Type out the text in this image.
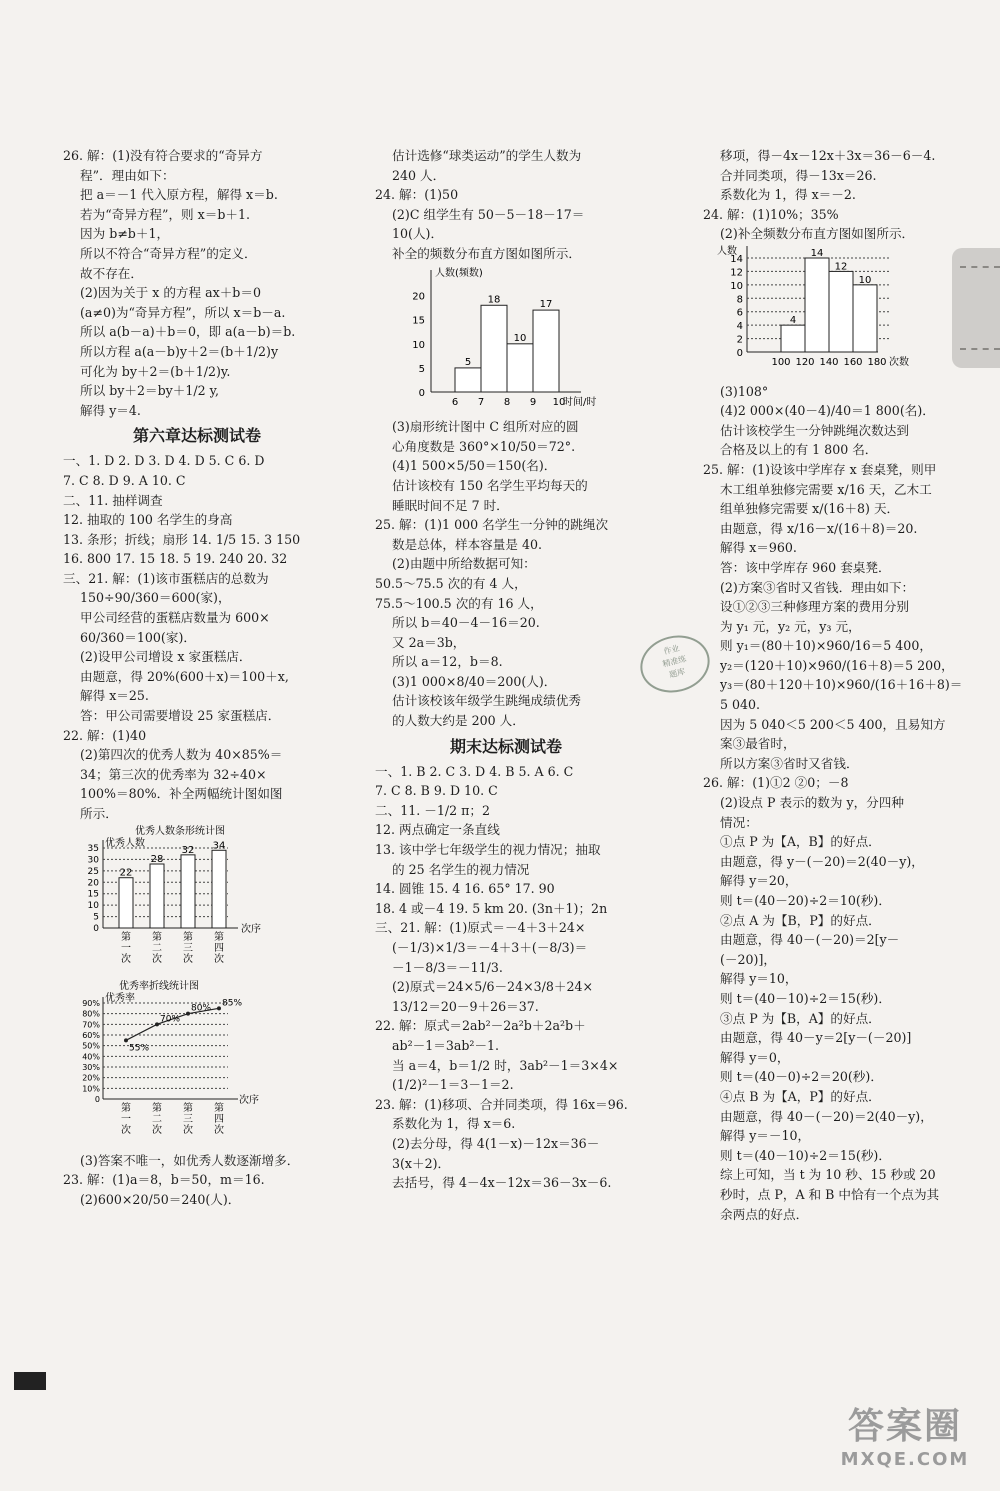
26. 解：(1)没有符合要求的“奇异方
程”．理由如下：
把 a＝－1 代入原方程，解得 x＝b.
若为“奇异方程”，则 x＝b＋1.
因为 b≠b＋1，
所以不符合“奇异方程”的定义．
故不存在．
(2)因为关于 x 的方程 ax＋b＝0
(a≠0)为“奇异方程”，所以 x＝b－a.
所以 a(b－a)＋b＝0，即 a(a－b)＝b.
所以方程 a(a－b)y＋2＝(b＋1/2)y
可化为 by＋2＝(b＋1/2)y.
所以 by＋2＝by＋1/2 y,
解得 y＝4.
第六章达标测试卷
一、1. D 2. D 3. D 4. D 5. C 6. D
7. C 8. D 9. A 10. C
二、11. 抽样调查
12. 抽取的 100 名学生的身高
13. 条形；折线；扇形 14. 1/5 15. 3 150
16. 800 17. 15 18. 5 19. 240 20. 32
三、21. 解：(1)该市蛋糕店的总数为
150÷90/360＝600(家)，
甲公司经营的蛋糕店数量为 600×
60/360＝100(家)．
(2)设甲公司增设 x 家蛋糕店．
由题意，得 20%(600＋x)＝100＋x,
解得 x＝25.
答：甲公司需要增设 25 家蛋糕店．
22. 解：(1)40
(2)第四次的优秀人数为 40×85%＝
34；第三次的优秀率为 32÷40×
100%＝80%．补全两幅统计图如图
所示．
优秀人数条形统计图
优秀人数
35
30
25
20
15
10
5
0
22
第
一
次
28
第
二
次
32
第
三
次
34
第
四
次
次序

优秀率折线统计图
优秀率
90%
80%
70%
60%
50%
40%
30%
20%
10%
0
55%
第
一
次
70%
第
二
次
80%
第
三
次
85%
第
四
次
次序
(3)答案不唯一，如优秀人数逐渐增多．
23. 解：(1)a＝8，b＝50，m＝16.
(2)600×20/50＝240(人)．
估计选修“球类运动”的学生人数为
240 人．
24. 解：(1)50
(2)C 组学生有 50－5－18－17＝
10(人)．
补全的频数分布直方图如图所示．
人数(频数)
20
15
10
5
0
5
18
10
17
6 7 8 9 10
时间/时
(3)扇形统计图中 C 组所对应的圆
心角度数是 360°×10/50＝72°.
(4)1 500×5/50＝150(名)．
估计该校有 150 名学生平均每天的
睡眠时间不足 7 时．
25. 解：(1)1 000 名学生一分钟的跳绳次
数是总体，样本容量是 40.
(2)由题中所给数据可知：
50.5～75.5 次的有 4 人，
75.5～100.5 次的有 16 人，
所以 b＝40－4－16＝20.
又 2a＝3b，
所以 a＝12，b＝8.
(3)1 000×8/40＝200(人)．
估计该校该年级学生跳绳成绩优秀
的人数大约是 200 人．
期末达标测试卷
一、1. B 2. C 3. D 4. B 5. A 6. C
7. C 8. B 9. D 10. C
二、11. －1/2 π；2
12. 两点确定一条直线
13. 该中学七年级学生的视力情况；抽取
的 25 名学生的视力情况
14. 圆锥 15. 4 16. 65° 17. 90
18. 4 或－4 19. 5 km 20. (3n＋1)；2n
三、21. 解：(1)原式＝－4＋3＋24×
(－1/3)×1/3＝－4＋3＋(－8/3)＝
－1－8/3＝－11/3.
(2)原式＝24×5/6－24×3/8＋24×
13/12＝20－9＋26＝37.
22. 解：原式＝2ab²－2a²b＋2a²b＋
ab²－1＝3ab²－1.
当 a＝4，b＝1/2 时，3ab²－1＝3×4×
(1/2)²－1＝3－1＝2.
23. 解：(1)移项、合并同类项，得 16x＝96.
系数化为 1，得 x＝6.
(2)去分母，得 4(1－x)－12x＝36－
3(x＋2)．
去括号，得 4－4x－12x＝36－3x－6.
移项，得－4x－12x＋3x＝36－6－4.
合并同类项，得－13x＝26.
系数化为 1，得 x＝－2.
24. 解：(1)10%；35%
(2)补全频数分布直方图如图所示．
人数
14
12
10
8
6
4
2
0
4
14
12
10
100 120 140 160 180 次数
(3)108°
(4)2 000×(40－4)/40＝1 800(名)．
估计该校学生一分钟跳绳次数达到
合格及以上的有 1 800 名．
25. 解：(1)设该中学库存 x 套桌凳，则甲
木工组单独修完需要 x/16 天，乙木工
组单独修完需要 x/(16＋8) 天．
由题意，得 x/16－x/(16＋8)＝20.
解得 x＝960.
答：该中学库存 960 套桌凳．
(2)方案③省时又省钱．理由如下：
设①②③三种修理方案的费用分别
为 y₁ 元，y₂ 元，y₃ 元，
则 y₁＝(80＋10)×960/16＝5 400，
y₂＝(120＋10)×960/(16＋8)＝5 200，
y₃＝(80＋120＋10)×960/(16＋16＋8)＝
5 040.
因为 5 040＜5 200＜5 400，且易知方
案③最省时，
所以方案③省时又省钱．
26. 解：(1)①2 ②0；－8
(2)设点 P 表示的数为 y，分四种
情况：
①点 P 为【A，B】的好点．
由题意，得 y－(－20)＝2(40－y)，
解得 y＝20，
则 t＝(40－20)÷2＝10(秒)．
②点 A 为【B，P】的好点．
由题意，得 40－(－20)＝2[y－
(－20)]，
解得 y＝10，
则 t＝(40－10)÷2＝15(秒)．
③点 P 为【B，A】的好点．
由题意，得 40－y＝2[y－(－20)]
解得 y＝0，
则 t＝(40－0)÷2＝20(秒)．
④点 B 为【A，P】的好点．
由题意，得 40－(－20)＝2(40－y)，
解得 y＝－10，
则 t＝(40－10)÷2＝15(秒)．
综上可知，当 t 为 10 秒、15 秒或 20
秒时，点 P，A 和 B 中恰有一个点为其
余两点的好点．
作业
精准练
题库
答案圈
MXQE.COM
